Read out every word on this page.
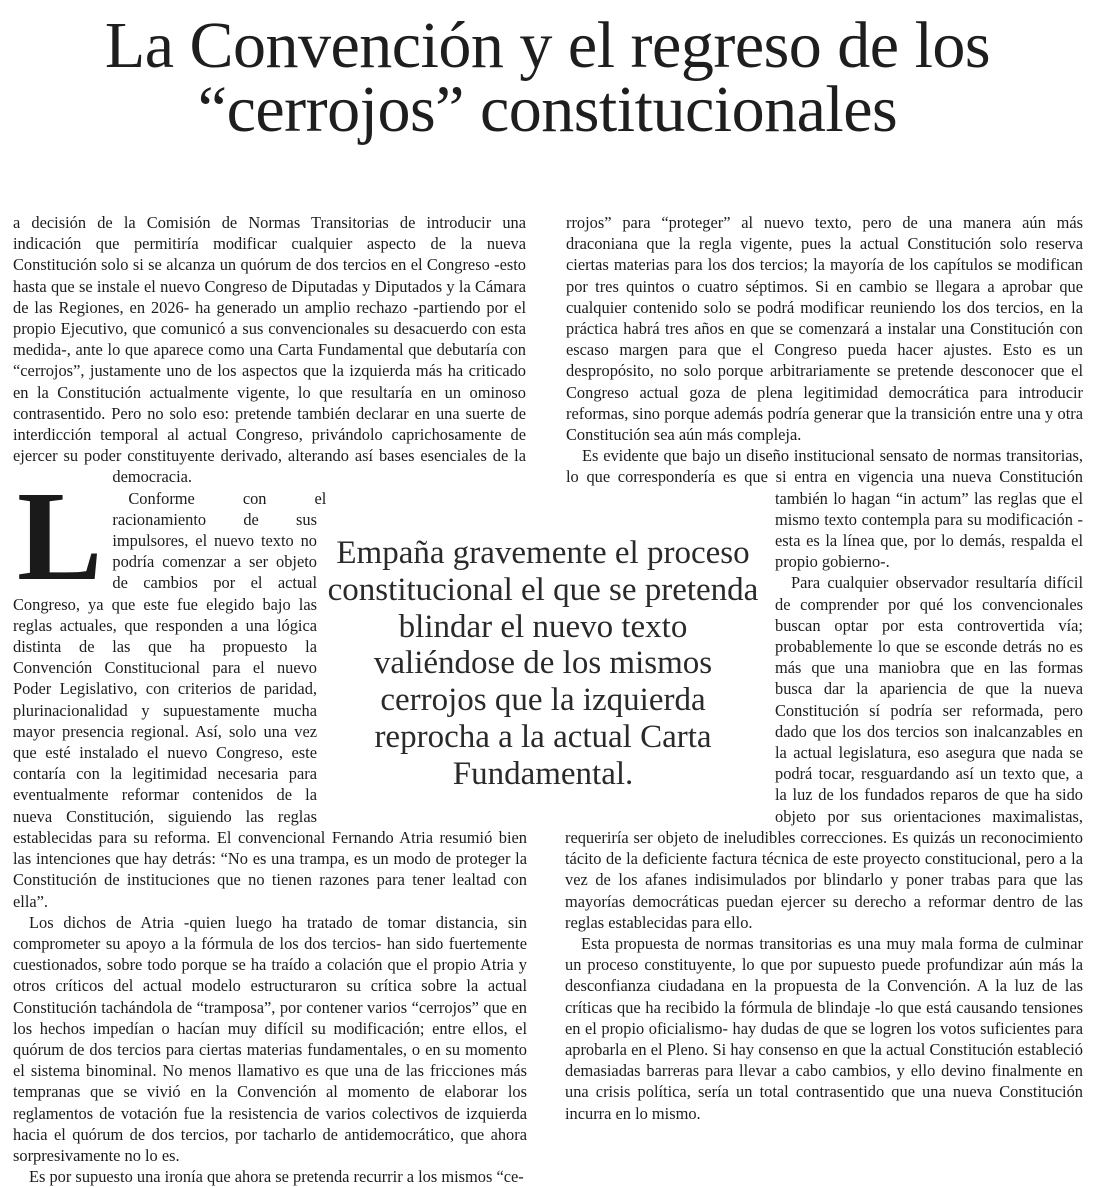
La Convención y el regreso de los
“cerrojos” constitucionales
L

a decisión de la Comisión de Normas Transitorias de introducir una indicación que permitiría modificar cualquier aspecto de la nueva Constitución solo si se alcanza un quórum de dos tercios en el Congreso -esto hasta que se instale el nuevo Congreso de Diputadas y Diputados y la Cámara de las Regiones, en 2026- ha generado un amplio rechazo -partiendo por el propio Ejecutivo, que comunicó a sus convencionales su desacuerdo con esta medida-, ante lo que aparece como una Carta Fundamental que debutaría con “cerrojos”, justamente uno de los aspectos que la izquierda más ha criticado en la Constitución actualmente vigente, lo que resultaría en un ominoso contrasentido. Pero no solo eso: pretende también declarar en una suerte de interdicción temporal al actual Congreso, privándolo caprichosamente de ejercer su poder constituyente derivado, alterando así bases esenciales de la democracia.

Conforme con el racionamiento de sus impulsores, el nuevo texto no podría comenzar a ser objeto de cambios por el actual Congreso, ya que este fue elegido bajo las reglas actuales, que responden a una lógica distinta de las que ha propuesto la Convención Constitucional para el nuevo Poder Legislativo, con criterios de paridad, plurinacionalidad y supuestamente mucha mayor presencia regional. Así, solo una vez que esté instalado el nuevo Congreso, este contaría con la legitimidad necesaria para eventualmente reformar contenidos de la nueva Constitución, siguiendo las reglas establecidas para su reforma. El convencional Fernando Atria resumió bien las intenciones que hay detrás: “No es una trampa, es un modo de proteger la Constitución de instituciones que no tienen razones para tener lealtad con ella”.

Los dichos de Atria -quien luego ha tratado de tomar distancia, sin comprometer su apoyo a la fórmula de los dos tercios- han sido fuertemente cuestionados, sobre todo porque se ha traído a colación que el propio Atria y otros críticos del actual modelo estructuraron su crítica sobre la actual Constitución tachándola de “tramposa”, por contener varios “cerrojos” que en los hechos impedían o hacían muy difícil su modificación; entre ellos, el quórum de dos tercios para ciertas materias fundamentales, o en su momento el sistema binominal. No menos llamativo es que una de las fricciones más tempranas que se vivió en la Convención al momento de elaborar los reglamentos de votación fue la resistencia de varios colectivos de izquierda hacia el quórum de dos tercios, por tacharlo de antidemocrático, que ahora sorpresivamente no lo es.

Es por supuesto una ironía que ahora se pretenda recurrir a los mismos “ce-

rrojos” para “proteger” al nuevo texto, pero de una manera aún más draconiana que la regla vigente, pues la actual Constitución solo reserva ciertas materias para los dos tercios; la mayoría de los capítulos se modifican por tres quintos o cuatro séptimos. Si en cambio se llegara a aprobar que cualquier contenido solo se podrá modificar reuniendo los dos tercios, en la práctica habrá tres años en que se comenzará a instalar una Constitución con escaso margen para que el Congreso pueda hacer ajustes. Esto es un despropósito, no solo porque arbitrariamente se pretende desconocer que el Congreso actual goza de plena legitimidad democrática para introducir reformas, sino porque además podría generar que la transición entre una y otra Constitución sea aún más compleja.

Es evidente que bajo un diseño institucional sensato de normas transitorias, lo que correspondería es que si entra en vigencia una nueva Constitución también lo hagan “in actum” las reglas que el mismo texto contempla para su modificación -esta es la línea que, por lo demás, respalda el propio gobierno-.

Para cualquier observador resultaría difícil de comprender por qué los convencionales buscan optar por esta controvertida vía; probablemente lo que se esconde detrás no es más que una maniobra que en las formas busca dar la apariencia de que la nueva Constitución sí podría ser reformada, pero dado que los dos tercios son inalcanzables en la actual legislatura, eso asegura que nada se podrá tocar, resguardando así un texto que, a la luz de los fundados reparos de que ha sido objeto por sus orientaciones maximalistas, requeriría ser objeto de ineludibles correcciones. Es quizás un reconocimiento tácito de la deficiente factura técnica de este proyecto constitucional, pero a la vez de los afanes indisimulados por blindarlo y poner trabas para que las mayorías democráticas puedan ejercer su derecho a reformar dentro de las reglas establecidas para ello.

Esta propuesta de normas transitorias es una muy mala forma de culminar un proceso constituyente, lo que por supuesto puede profundizar aún más la desconfianza ciudadana en la propuesta de la Convención. A la luz de las críticas que ha recibido la fórmula de blindaje -lo que está causando tensiones en el propio oficialismo- hay dudas de que se logren los votos suficientes para aprobarla en el Pleno. Si hay consenso en que la actual Constitución estableció demasiadas barreras para llevar a cabo cambios, y ello devino finalmente en una crisis política, sería un total contrasentido que una nueva Constitución incurra en lo mismo.

Empaña gravemente el proceso constitucional el que se pretenda blindar el nuevo texto valiéndose de los mismos cerrojos que la izquierda reprocha a la actual Carta Fundamental.
